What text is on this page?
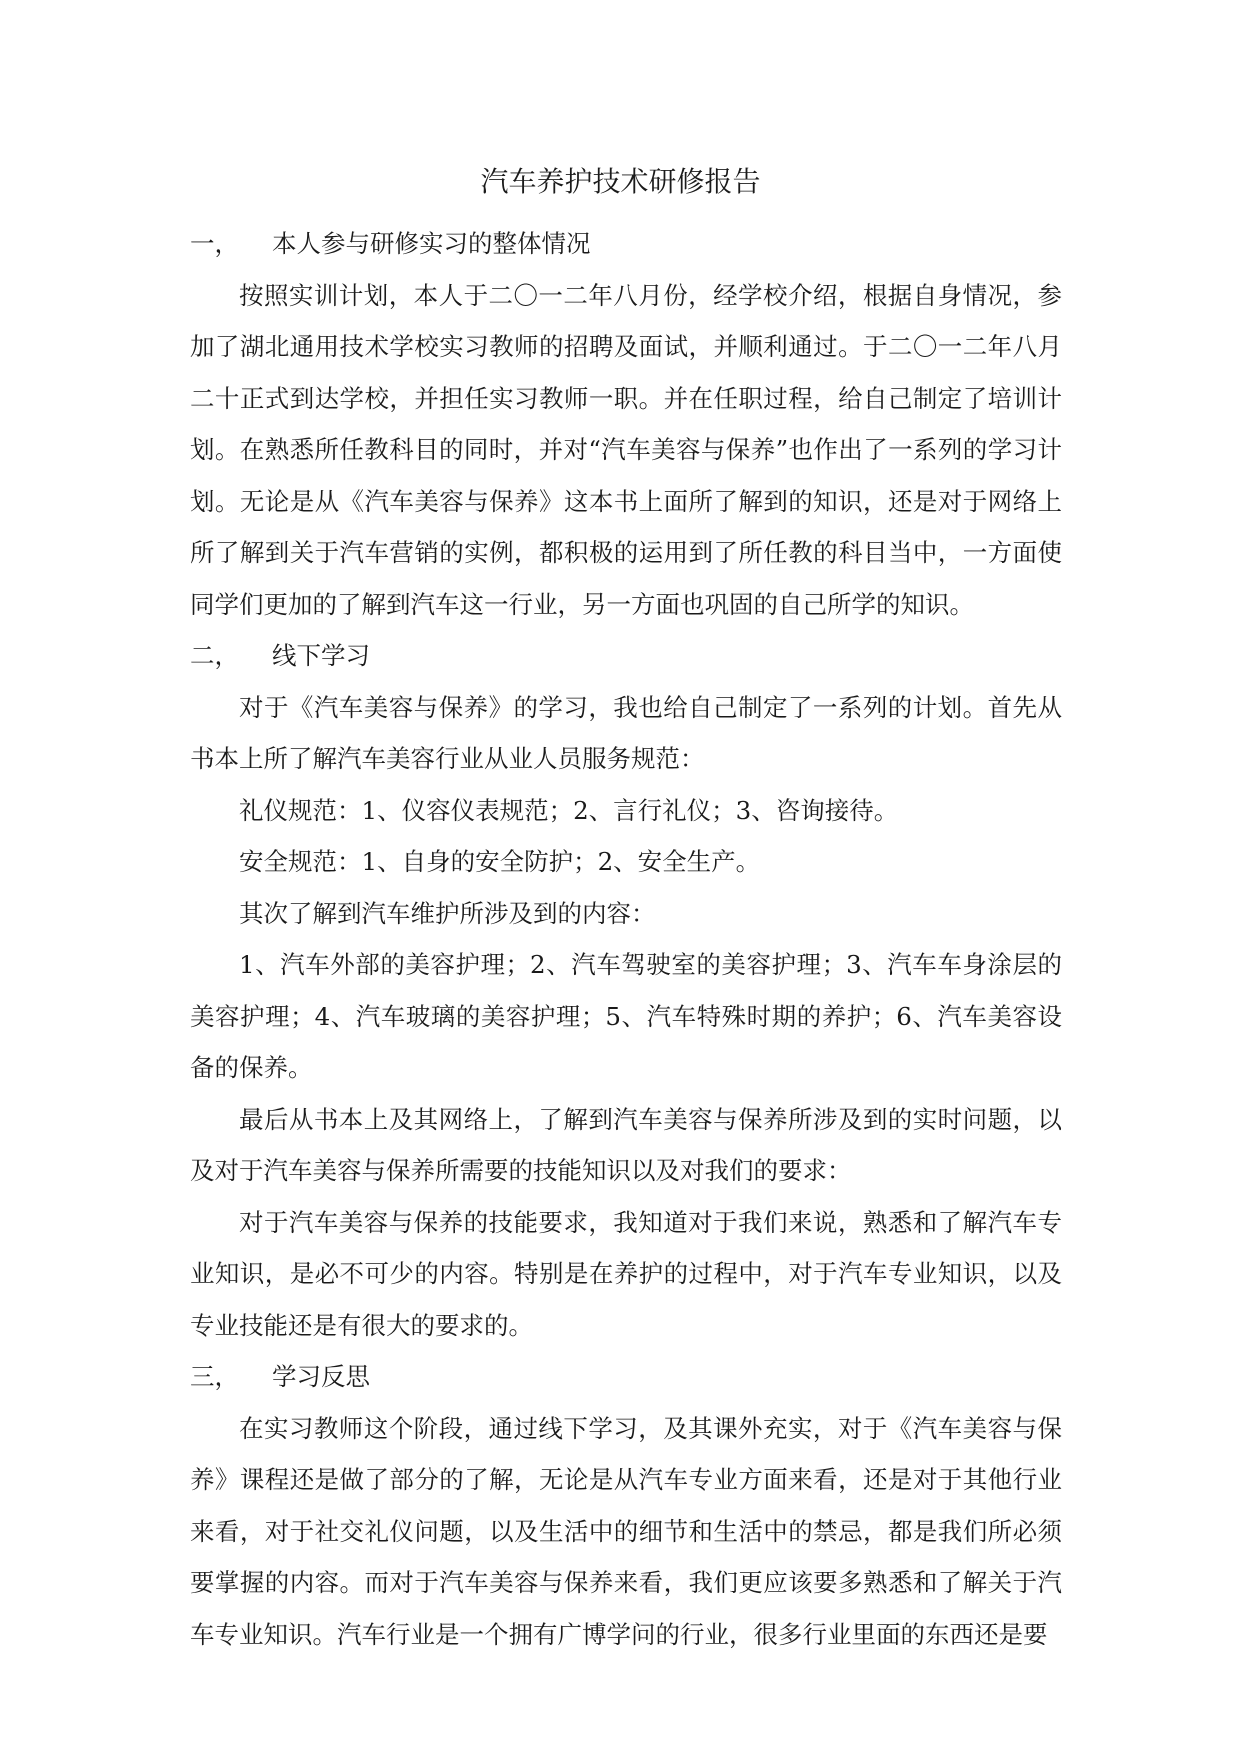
汽车养护技术研修报告

一， 本人参与研修实习的整体情况

按照实训计划，本人于二〇一二年八月份，经学校介绍，根据自身情况，参加了湖北通用技术学校实习教师的招聘及面试，并顺利通过。于二〇一二年八月二十正式到达学校，并担任实习教师一职。并在任职过程，给自己制定了培训计划。在熟悉所任教科目的同时，并对“汽车美容与保养”也作出了一系列的学习计划。无论是从《汽车美容与保养》这本书上面所了解到的知识，还是对于网络上所了解到关于汽车营销的实例，都积极的运用到了所任教的科目当中，一方面使同学们更加的了解到汽车这一行业，另一方面也巩固的自己所学的知识。

二， 线下学习

对于《汽车美容与保养》的学习，我也给自己制定了一系列的计划。首先从书本上所了解汽车美容行业从业人员服务规范：

礼仪规范：1、仪容仪表规范；2、言行礼仪；3、咨询接待。

安全规范：1、自身的安全防护；2、安全生产。

其次了解到汽车维护所涉及到的内容：

1、汽车外部的美容护理；2、汽车驾驶室的美容护理；3、汽车车身涂层的美容护理；4、汽车玻璃的美容护理；5、汽车特殊时期的养护；6、汽车美容设备的保养。

最后从书本上及其网络上，了解到汽车美容与保养所涉及到的实时问题，以及对于汽车美容与保养所需要的技能知识以及对我们的要求：

对于汽车美容与保养的技能要求，我知道对于我们来说，熟悉和了解汽车专业知识，是必不可少的内容。特别是在养护的过程中，对于汽车专业知识，以及专业技能还是有很大的要求的。

三， 学习反思

在实习教师这个阶段，通过线下学习，及其课外充实，对于《汽车美容与保养》课程还是做了部分的了解，无论是从汽车专业方面来看，还是对于其他行业来看，对于社交礼仪问题，以及生活中的细节和生活中的禁忌，都是我们所必须要掌握的内容。而对于汽车美容与保养来看，我们更应该要多熟悉和了解关于汽车专业知识。汽车行业是一个拥有广博学问的行业，很多行业里面的东西还是要
